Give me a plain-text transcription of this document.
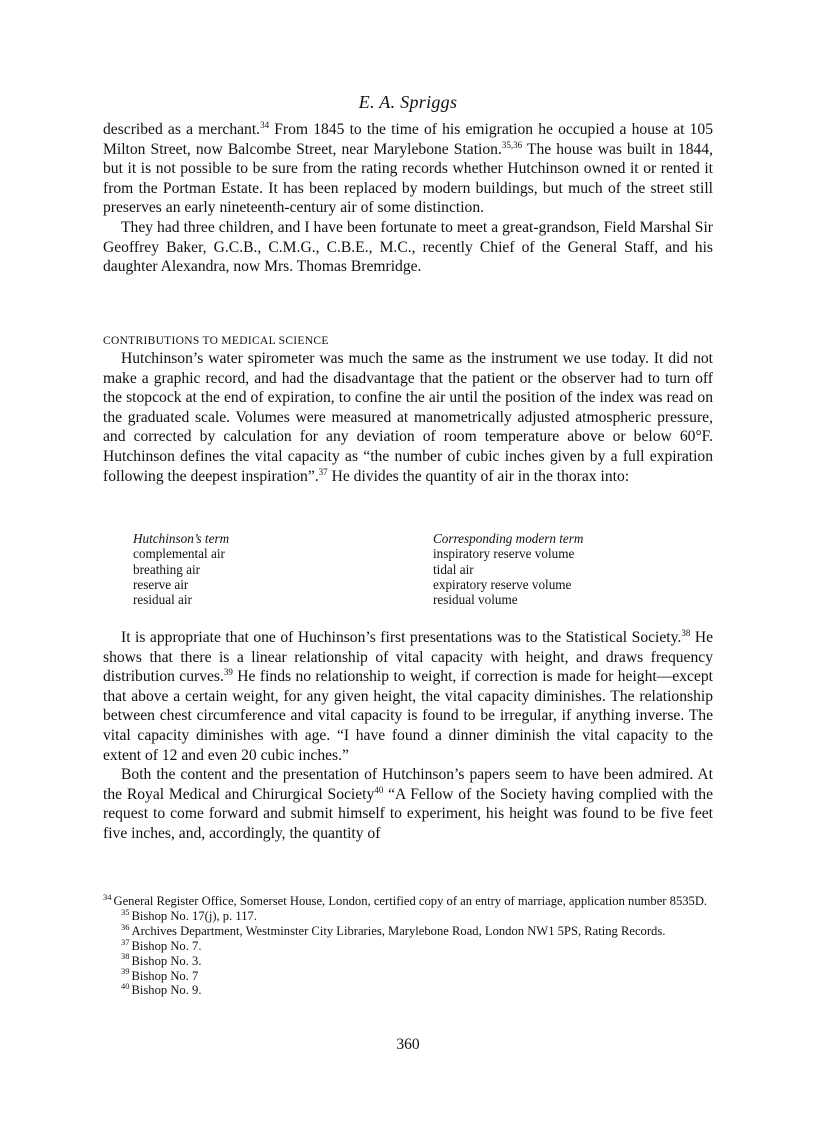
E. A. Spriggs

described as a merchant.$^{34}$ From 1845 to the time of his emigration he occupied a house at 105 Milton Street, now Balcombe Street, near Marylebone Station.$^{35,36}$ The house was built in 1844, but it is not possible to be sure from the rating records whether Hutchinson owned it or rented it from the Portman Estate. It has been replaced by modern buildings, but much of the street still preserves an early nineteenth-century air of some distinction.

They had three children, and I have been fortunate to meet a great-grandson, Field Marshal Sir Geoffrey Baker, G.C.B., C.M.G., C.B.E., M.C., recently Chief of the General Staff, and his daughter Alexandra, now Mrs. Thomas Bremridge.

CONTRIBUTIONS TO MEDICAL SCIENCE

Hutchinson’s water spirometer was much the same as the instrument we use today. It did not make a graphic record, and had the disadvantage that the patient or the observer had to turn off the stopcock at the end of expiration, to confine the air until the position of the index was read on the graduated scale. Volumes were measured at manometrically adjusted atmospheric pressure, and corrected by calculation for any deviation of room temperature above or below 60°F. Hutchinson defines the vital capacity as “the number of cubic inches given by a full expiration following the deepest inspiration”.$^{37}$ He divides the quantity of air in the thorax into:

Hutchinson’s term
complemental air
breathing air
reserve air
residual air
Corresponding modern term
inspiratory reserve volume
tidal air
expiratory reserve volume
residual volume

It is appropriate that one of Huchinson’s first presentations was to the Statistical Society.$^{38}$ He shows that there is a linear relationship of vital capacity with height, and draws frequency distribution curves.$^{39}$ He finds no relationship to weight, if correction is made for height—except that above a certain weight, for any given height, the vital capacity diminishes. The relationship between chest circumference and vital capacity is found to be irregular, if anything inverse. The vital capacity diminishes with age. “I have found a dinner diminish the vital capacity to the extent of 12 and even 20 cubic inches.”

Both the content and the presentation of Hutchinson’s papers seem to have been admired. At the Royal Medical and Chirurgical Society$^{40}$ “A Fellow of the Society having complied with the request to come forward and submit himself to experiment, his height was found to be five feet five inches, and, accordingly, the quantity of

$^{34}$ General Register Office, Somerset House, London, certified copy of an entry of marriage, application number 8535D.
$^{35}$ Bishop No. 17(j), p. 117.
$^{36}$ Archives Department, Westminster City Libraries, Marylebone Road, London NW1 5PS, Rating Records.
$^{37}$ Bishop No. 7.
$^{38}$ Bishop No. 3.
$^{39}$ Bishop No. 7
$^{40}$ Bishop No. 9.
360
